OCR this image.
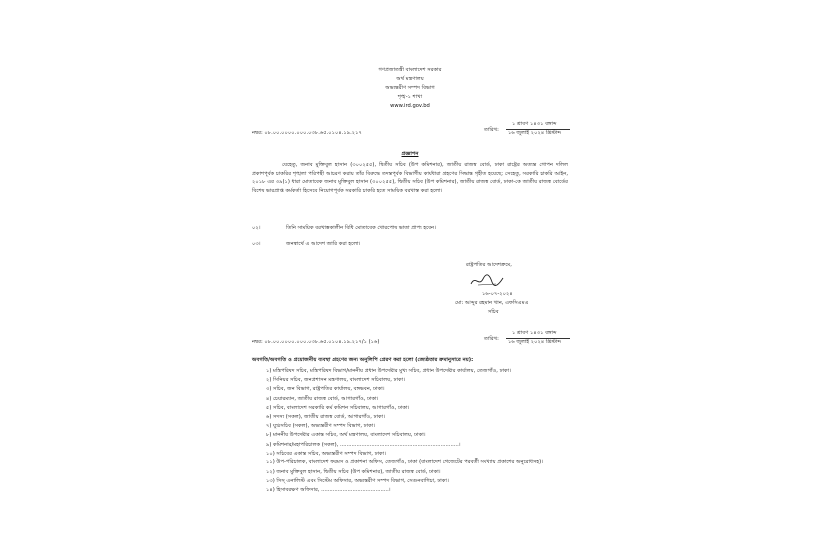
গণপ্রজাতন্ত্রী বাংলাদেশ সরকার
অর্থ মন্ত্রণালয়
অভ্যন্তরীণ সম্পদ বিভাগ
শৃঙ্খ-১ শাখা
www.ird.gov.bd
তারিখ:
১ শ্রাবণ ১৪৩১ বঙ্গাব্দ
১৬ জুলাই ২০২৪ খ্রিস্টাব্দ
নম্বর: ০৮.০০.০০০০.০০০.০৩৮.৬৫.০১০৪.১৯.২১৭
প্রজ্ঞাপন
যেহেতু, জনাব মুক্তিবুল হাসান (৩০০২৫৫), দ্বিতীয় সচিব (উপ কমিশনার), জাতীয় রাজস্ব বোর্ড, ঢাকা রাষ্ট্রের অত্যন্ত গোপন দলিল প্রকাশপূর্বক চাকরির শৃঙ্খলা পরিপন্থী আচরণ করায় তাঁর বিরুদ্ধে তদন্তপূর্বক বিভাগীয় কার্যধারা গ্রহণের সিদ্ধান্ত গৃহীত হয়েছে; সেহেতু, সরকারি চাকরি আইন, ২০১৮ এর ৩৯(১) ধারা মোতাবেক জনাব মুক্তিবুল হাসান (৩০০২৫৫), দ্বিতীয় সচিব (উপ কমিশনার), জাতীয় রাজস্ব বোর্ড, ঢাকা-কে জাতীয় রাজস্ব বোর্ডের বিশেষ ভারপ্রাপ্ত কর্মকর্তা হিসেবে নিয়োগপূর্বক সরকারি চাকরি হতে সাময়িক বরখাস্ত করা হলো।
০২।	তিনি সাময়িক বরখাস্তকালীন বিধি মোতাবেক খোরপোষ ভাতা প্রাপ্য হবেন।
০৩।	জনস্বার্থে এ আদেশ জারি করা হলো।
রাষ্ট্রপতির আদেশক্রমে,
১৬-০৭-২০২৪
মো: আব্দুর রহমান খান, এফসিএমএ
সচিব
তারিখ:
১ শ্রাবণ ১৪৩১ বঙ্গাব্দ
১৬ জুলাই ২০২৪ খ্রিস্টাব্দ
নম্বর: ০৮.০০.০০০০.০০০.০৩৮.৬৫.০১০৪.১৯.২১৭/১ (১৬)
অবগতি/অবগতি ও প্রয়োজনীয় ব্যবস্থা গ্রহণের জন্য অনুলিপি প্রেরণ করা হলো (জ্যেষ্ঠতার ক্রমানুসারে নয়):
১) মন্ত্রিপরিষদ সচিব, মন্ত্রিপরিষদ বিভাগ/মাননীয় প্রধান উপদেষ্টার মুখ্য সচিব, প্রধান উপদেষ্টার কার্যালয়, তেজগাঁও, ঢাকা।
২) সিনিয়র সচিব, জনপ্রশাসন মন্ত্রণালয়, বাংলাদেশ সচিবালয়, ঢাকা।
৩) সচিব, জন বিভাগ, রাষ্ট্রপতির কার্যালয়, বঙ্গভবন, ঢাকা।
৪) চেয়ারম্যান, জাতীয় রাজস্ব বোর্ড, আগারগাঁও, ঢাকা।
৫) সচিব, বাংলাদেশ সরকারি কর্ম কমিশন সচিবালয়, আগারগাঁও, ঢাকা।
৬) সদস্য (সকল), জাতীয় রাজস্ব বোর্ড, আগারগাঁও, ঢাকা।
৭) যুগ্মসচিব (সকল), অভ্যন্তরীণ সম্পদ বিভাগ, ঢাকা।
৮) মাননীয় উপদেষ্টার একান্ত সচিব, অর্থ মন্ত্রণালয়, বাংলাদেশ সচিবালয়, ঢাকা।
৯) কমিশনার/মহাপরিচালক (সকল), ........................................................................।
১০) সচিবের একান্ত সচিব, অভ্যন্তরীণ সম্পদ বিভাগ, ঢাকা।
১১) উপ-পরিচালক, বাংলাদেশ ফরমস ও প্রকাশনা অফিস, তেজগাঁও, ঢাকা (বাংলাদেশ গেজেটের পরবর্তী সংখ্যায় প্রকাশের অনুরোধসহ)।
১২) জনাব মুক্তিবুল হাসান, দ্বিতীয় সচিব (উপ কমিশনার), জাতীয় রাজস্ব বোর্ড, ঢাকা।
১৩) সিস্ এনালিস্ট এবং সিস্টেম অফিসার, অভ্যন্তরীণ সম্পদ বিভাগ, সেগুনবাগিচা, ঢাকা।
১৪) হিসাবরক্ষণ অফিসার, .........................................।
